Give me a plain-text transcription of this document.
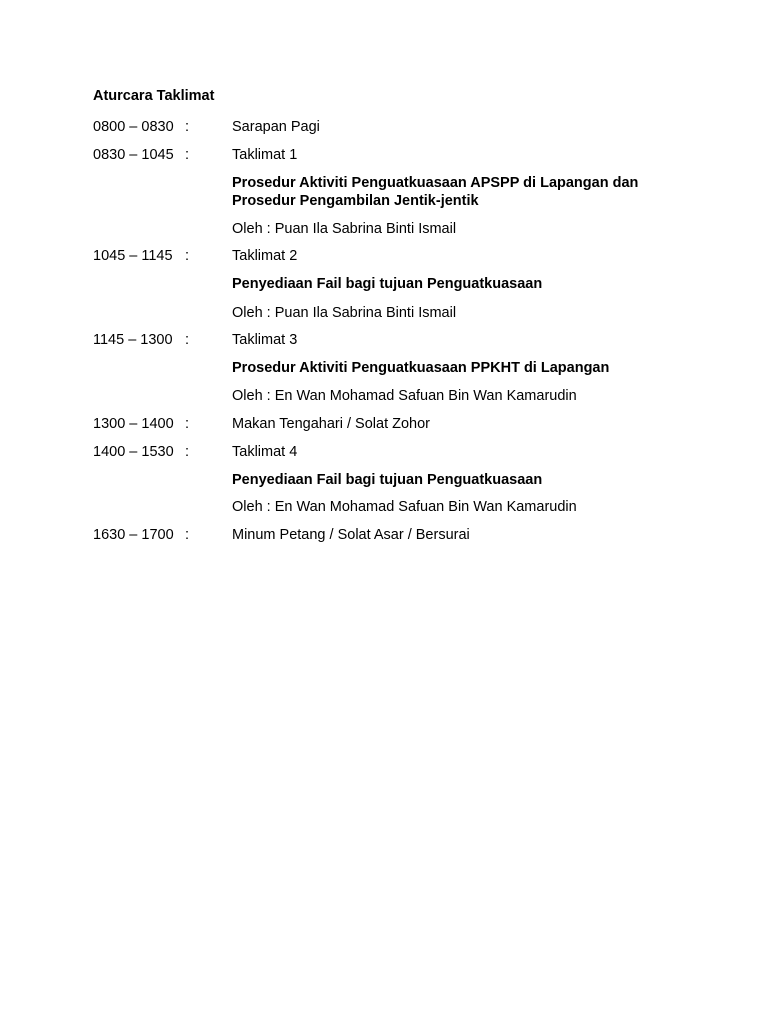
Aturcara Taklimat
0800 – 0830 :	Sarapan Pagi
0830 – 1045 :	Taklimat 1
Prosedur Aktiviti Penguatkuasaan APSPP di Lapangan dan Prosedur Pengambilan Jentik-jentik
Oleh : Puan Ila Sabrina Binti Ismail
1045 – 1145 :	Taklimat 2
Penyediaan Fail bagi tujuan Penguatkuasaan
Oleh : Puan Ila Sabrina Binti Ismail
1145 – 1300 :	Taklimat 3
Prosedur Aktiviti Penguatkuasaan PPKHT di Lapangan
Oleh : En Wan Mohamad Safuan Bin Wan Kamarudin
1300 – 1400 :	Makan Tengahari / Solat Zohor
1400 – 1530 :	Taklimat 4
Penyediaan Fail bagi tujuan Penguatkuasaan
Oleh : En Wan Mohamad Safuan Bin Wan Kamarudin
1630 – 1700 :	Minum Petang / Solat Asar / Bersurai
